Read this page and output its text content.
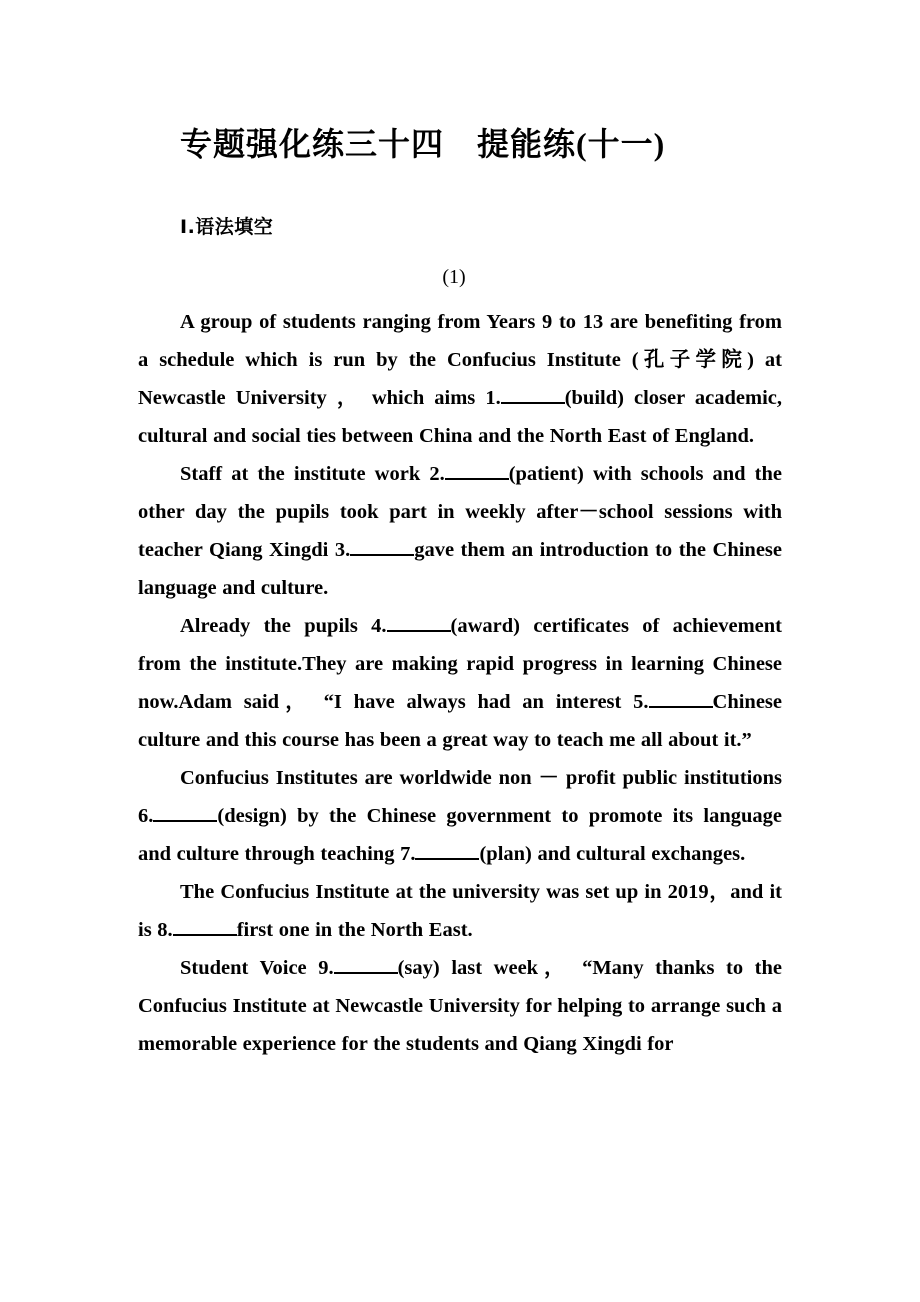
专题强化练三十四　提能练(十一)
Ⅰ.语法填空
(1)

A group of students ranging from Years 9 to 13 are benefiting from a schedule which is run by the Confucius Institute (孔子学院) at Newcastle University ， which aims 1.	(build) closer academic, cultural and social ties between China and the North East of England.

Staff at the institute work 2.	(patient) with schools and the other day the pupils took part in weekly after－school sessions with teacher Qiang Xingdi 3.	gave them an introduction to the Chinese language and culture.

Already the pupils 4.	(award) certificates of achievement from the institute.They are making rapid progress in learning Chinese now.Adam said， “I have always had an interest 5.	Chinese culture and this course has been a great way to teach me all about it.”

Confucius Institutes are worldwide non － profit public institutions 6.	(design) by the Chinese government to promote its language and culture through teaching 7.	(plan) and cultural exchanges.

The Confucius Institute at the university was set up in 2019，and it is 8.	first one in the North East.

Student Voice 9.	(say) last week， “Many thanks to the Confucius Institute at Newcastle University for helping to arrange such a memorable experience for the students and Qiang Xingdi for
